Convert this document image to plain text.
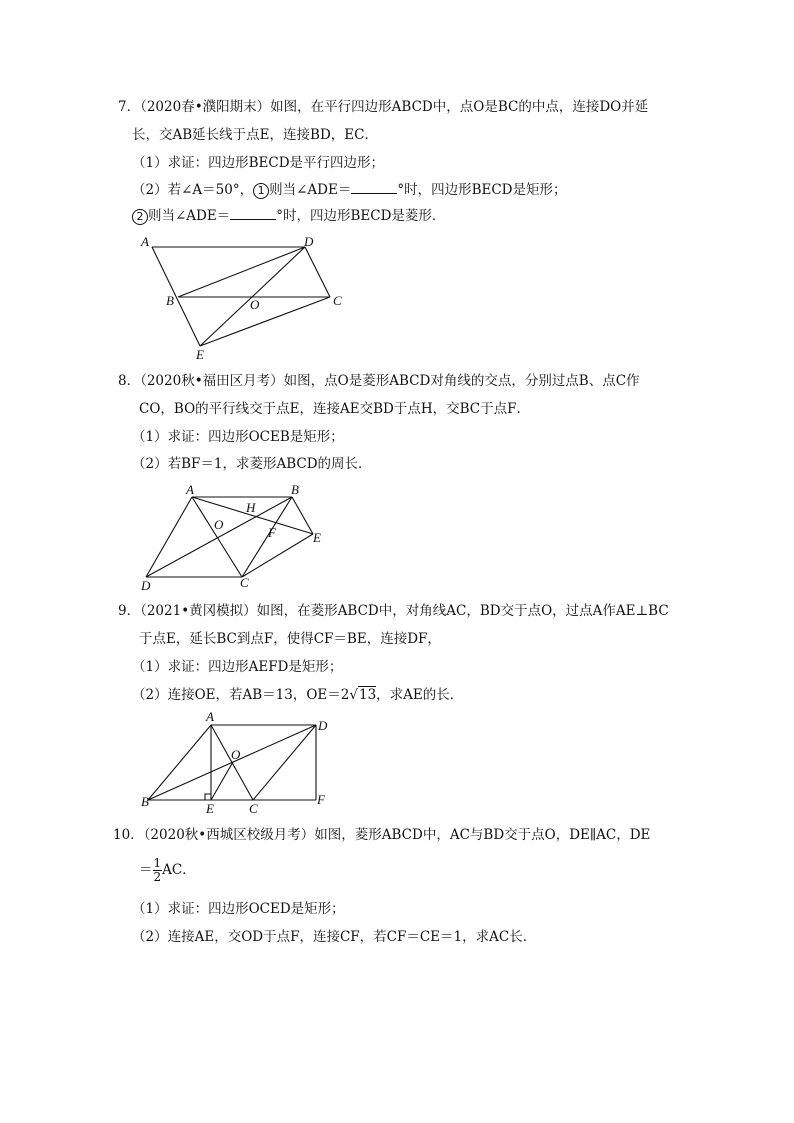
7．（2020春•濮阳期末）如图，在平行四边形ABCD中，点O是BC的中点，连接DO并延
长，交AB延长线于点E，连接BD，EC．
（1）求证：四边形BECD是平行四边形；
（2）若∠A＝50°， 1 则当∠ADE＝	°时，四边形BECD是矩形；
2 则当∠ADE＝	°时，四边形BECD是菱形．
A	D
B	O	C
E
8．（2020秋•福田区月考）如图，点O是菱形ABCD对角线的交点，分别过点B、点C作
CO，BO的平行线交于点E，连接AE交BD于点H，交BC于点F．
（1）求证：四边形OCEB是矩形；
（2）若BF＝1，求菱形ABCD的周长．
A	B
H
O
F	E
D	C
9．（2021•黄冈模拟）如图，在菱形ABCD中，对角线AC，BD交于点O，过点A作AE⊥BC
于点E，延长BC到点F，使得CF＝BE，连接DF，
（1）求证：四边形AEFD是矩形；
（2）连接OE，若AB＝13，OE＝2√13，求AE的长．
A
D
O
B	E	C
F
10．（2020秋•西城区校级月考）如图，菱形ABCD中，AC与BD交于点O，DE∥AC，DE
＝ $\frac{1}{2}$ AC．
（1）求证：四边形OCED是矩形；
（2）连接AE，交OD于点F，连接CF，若CF＝CE＝1，求AC长．
